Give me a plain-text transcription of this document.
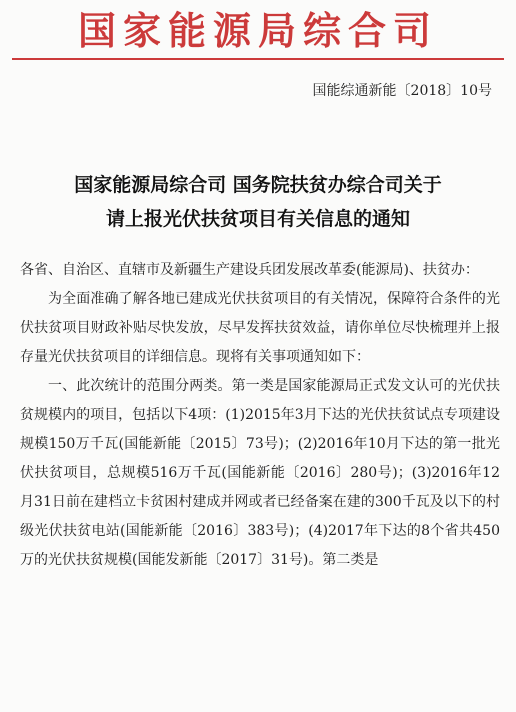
国家能源局综合司
国能综通新能〔2018〕10号
国家能源局综合司 国务院扶贫办综合司关于
请上报光伏扶贫项目有关信息的通知

各省、自治区、直辖市及新疆生产建设兵团发展改革委(能源局)、扶贫办：

为全面准确了解各地已建成光伏扶贫项目的有关情况，保障符合条件的光伏扶贫项目财政补贴尽快发放，尽早发挥扶贫效益，请你单位尽快梳理并上报存量光伏扶贫项目的详细信息。现将有关事项通知如下：

一、此次统计的范围分两类。第一类是国家能源局正式发文认可的光伏扶贫规模内的项目，包括以下4项：(1)2015年3月下达的光伏扶贫试点专项建设规模150万千瓦(国能新能〔2015〕73号)；(2)2016年10月下达的第一批光伏扶贫项目，总规模516万千瓦(国能新能〔2016〕280号)；(3)2016年12月31日前在建档立卡贫困村建成并网或者已经备案在建的300千瓦及以下的村级光伏扶贫电站(国能新能〔2016〕383号)；(4)2017年下达的8个省共450万的光伏扶贫规模(国能发新能〔2017〕31号)。第二类是
